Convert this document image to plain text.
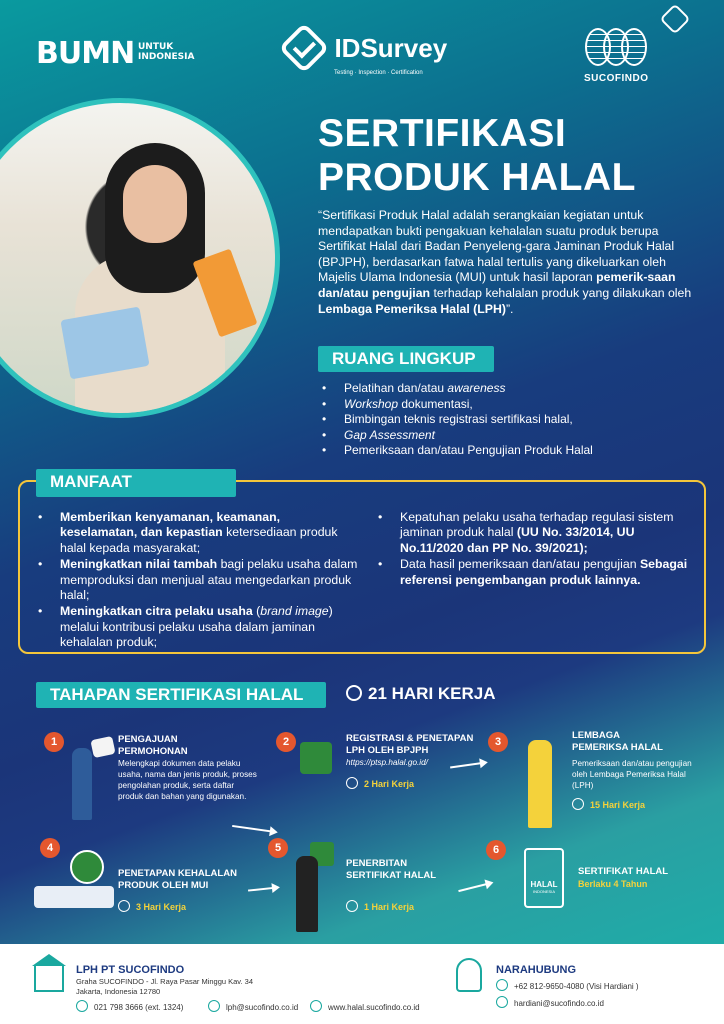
BUMN UNTUK
INDONESIA	IDSurvey
Testing · Inspection · Certification	SUCOFINDO
SERTIFIKASI
PRODUK HALAL

“Sertifikasi Produk Halal adalah serangkaian kegiatan untuk mendapatkan bukti pengakuan kehalalan suatu produk berupa Sertifikat Halal dari Badan Penyeleng-gara Jaminan Produk Halal (BPJPH), berdasarkan fatwa halal tertulis yang dikeluarkan oleh Majelis Ulama Indonesia (MUI) untuk hasil laporan pemerik-saan dan/atau pengujian terhadap kehalalan produk yang dilakukan oleh Lembaga Pemeriksa Halal (LPH)”.

RUANG LINGKUP
• Pelatihan dan/atau awareness
• Workshop dokumentasi,
• Bimbingan teknis registrasi sertifikasi halal,
• Gap Assessment
• Pemeriksaan dan/atau Pengujian Produk Halal
MANFAAT
• Memberikan kenyamanan, keamanan, keselamatan, dan kepastian ketersediaan produk halal kepada masyarakat;
• Meningkatkan nilai tambah bagi pelaku usaha dalam memproduksi dan menjual atau mengedarkan produk halal;
• Meningkatkan citra pelaku usaha (brand image) melalui kontribusi pelaku usaha dalam jaminan kehalalan produk;
• Kepatuhan pelaku usaha terhadap regulasi sistem jaminan produk halal (UU No. 33/2014, UU No.11/2020 dan PP No. 39/2021);
• Data hasil pemeriksaan dan/atau pengujian Sebagai referensi pengembangan produk lainnya.
TAHAPAN SERTIFIKASI HALAL	21 HARI KERJA
1	PENGAJUAN
PERMOHONAN
Melengkapi dokumen data pelaku usaha, nama dan jenis produk, proses pengolahan produk, serta daftar produk dan bahan yang digunakan.
2	REGISTRASI & PENETAPAN
LPH OLEH BPJPH
https://ptsp.halal.go.id/
2 Hari Kerja
3
LEMBAGA
PEMERIKSA HALAL
Pemeriksaan dan/atau pengujian oleh Lembaga Pemeriksa Halal (LPH)
15 Hari Kerja
4
PENETAPAN KEHALALAN
PRODUK OLEH MUI
3 Hari Kerja
5
PENERBITAN
SERTIFIKAT HALAL
1 Hari Kerja
6
HALAL
INDONESIA
SERTIFIKAT HALAL
Berlaku 4 Tahun
LPH PT SUCOFINDO
Graha SUCOFINDO - Jl. Raya Pasar Minggu Kav. 34
Jakarta, Indonesia 12780
021 798 3666 (ext. 1324)	lph@sucofindo.co.id	www.halal.sucofindo.co.id
NARAHUBUNG
+62 812-9650-4080 (Visi Hardiani )
hardiani@sucofindo.co.id
